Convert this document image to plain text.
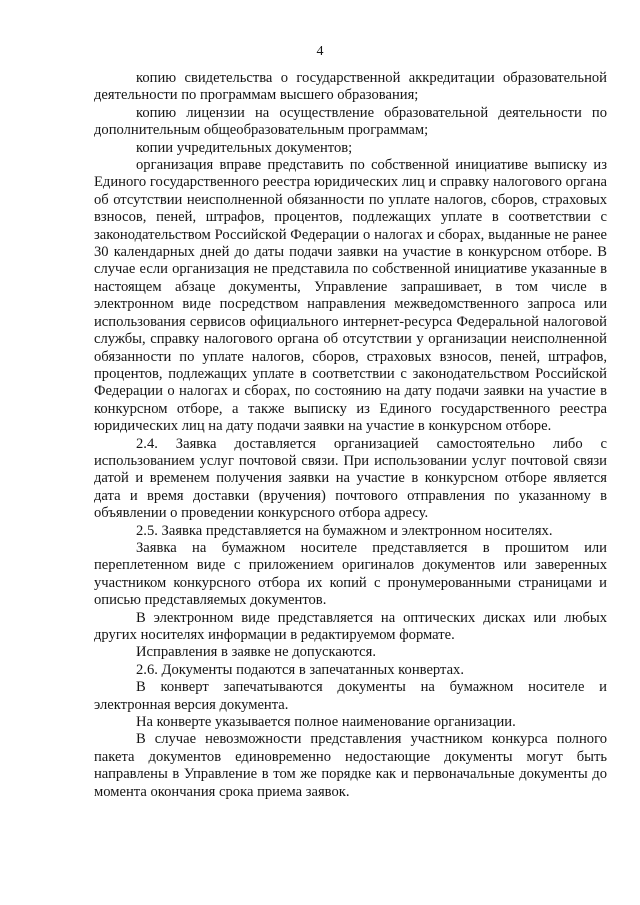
4

копию свидетельства о государственной аккредитации образовательной деятельности по программам высшего образования;

копию лицензии на осуществление образовательной деятельности по дополнительным общеобразовательным программам;

копии учредительных документов;

организация вправе представить по собственной инициативе выписку из Единого государственного реестра юридических лиц и справку налогового органа об отсутствии неисполненной обязанности по уплате налогов, сборов, страховых взносов, пеней, штрафов, процентов, подлежащих уплате в соответствии с законодательством Российской Федерации о налогах и сборах, выданные не ранее 30 календарных дней до даты подачи заявки на участие в конкурсном отборе. В случае если организация не представила по собственной инициативе указанные в настоящем абзаце документы, Управление запрашивает, в том числе в электронном виде посредством направления межведомственного запроса или использования сервисов официального интернет-ресурса Федеральной налоговой службы, справку налогового органа об отсутствии у организации неисполненной обязанности по уплате налогов, сборов, страховых взносов, пеней, штрафов, процентов, подлежащих уплате в соответствии с законодательством Российской Федерации о налогах и сборах, по состоянию на дату подачи заявки на участие в конкурсном отборе, а также выписку из Единого государственного реестра юридических лиц на дату подачи заявки на участие в конкурсном отборе.

2.4. Заявка доставляется организацией самостоятельно либо с использованием услуг почтовой связи. При использовании услуг почтовой связи датой и временем получения заявки на участие в конкурсном отборе является дата и время доставки (вручения) почтового отправления по указанному в объявлении о проведении конкурсного отбора адресу.

2.5. Заявка представляется на бумажном и электронном носителях.

Заявка на бумажном носителе представляется в прошитом или переплетенном виде с приложением оригиналов документов или заверенных участником конкурсного отбора их копий с пронумерованными страницами и описью представляемых документов.

В электронном виде представляется на оптических дисках или любых других носителях информации в редактируемом формате.

Исправления в заявке не допускаются.

2.6. Документы подаются в запечатанных конвертах.

В конверт запечатываются документы на бумажном носителе и электронная версия документа.

На конверте указывается полное наименование организации.

В случае невозможности представления участником конкурса полного пакета документов единовременно недостающие документы могут быть направлены в Управление в том же порядке как и первоначальные документы до момента окончания срока приема заявок.
